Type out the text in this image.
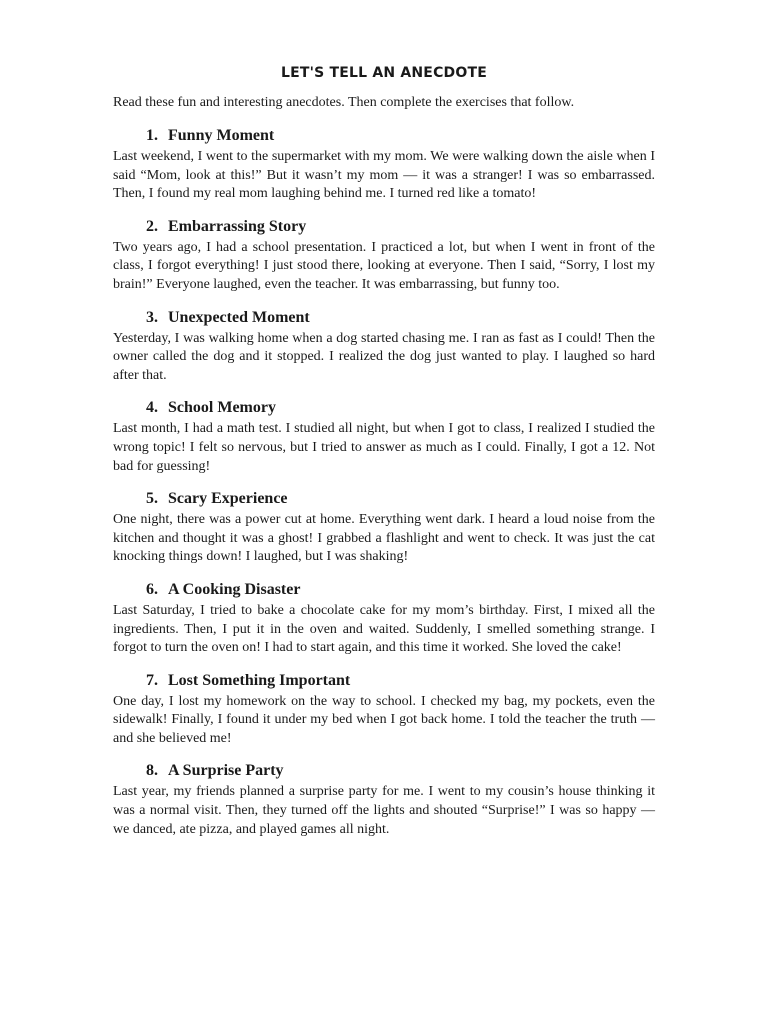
LET'S TELL AN ANECDOTE

Read these fun and interesting anecdotes. Then complete the exercises that follow.

1. Funny Moment

Last weekend, I went to the supermarket with my mom. We were walking down the aisle when I said “Mom, look at this!” But it wasn’t my mom — it was a stranger! I was so embarrassed. Then, I found my real mom laughing behind me. I turned red like a tomato!

2. Embarrassing Story

Two years ago, I had a school presentation. I practiced a lot, but when I went in front of the class, I forgot everything! I just stood there, looking at everyone. Then I said, “Sorry, I lost my brain!” Everyone laughed, even the teacher. It was embarrassing, but funny too.

3. Unexpected Moment

Yesterday, I was walking home when a dog started chasing me. I ran as fast as I could! Then the owner called the dog and it stopped. I realized the dog just wanted to play. I laughed so hard after that.

4. School Memory

Last month, I had a math test. I studied all night, but when I got to class, I realized I studied the wrong topic! I felt so nervous, but I tried to answer as much as I could. Finally, I got a 12. Not bad for guessing!

5. Scary Experience

One night, there was a power cut at home. Everything went dark. I heard a loud noise from the kitchen and thought it was a ghost! I grabbed a flashlight and went to check. It was just the cat knocking things down! I laughed, but I was shaking!

6. A Cooking Disaster

Last Saturday, I tried to bake a chocolate cake for my mom’s birthday. First, I mixed all the ingredients. Then, I put it in the oven and waited. Suddenly, I smelled something strange. I forgot to turn the oven on! I had to start again, and this time it worked. She loved the cake!

7. Lost Something Important

One day, I lost my homework on the way to school. I checked my bag, my pockets, even the sidewalk! Finally, I found it under my bed when I got back home. I told the teacher the truth — and she believed me!

8. A Surprise Party

Last year, my friends planned a surprise party for me. I went to my cousin’s house thinking it was a normal visit. Then, they turned off the lights and shouted “Surprise!” I was so happy — we danced, ate pizza, and played games all night.
